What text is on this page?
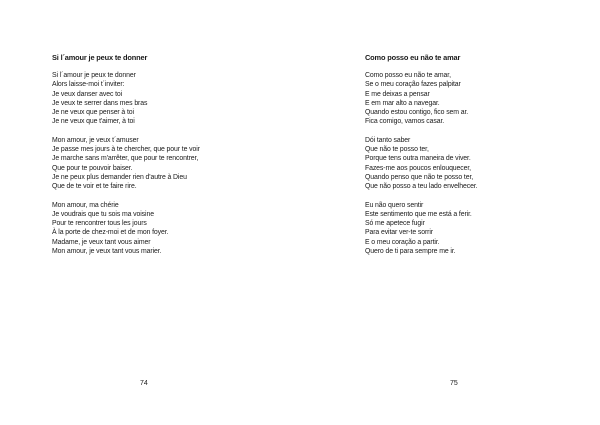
Si l´amour je peux te donner
Si l´amour je peux te donner
Alors laisse-moi t´inviter:
Je veux danser avec toi
Je veux te serrer dans mes bras
Je ne veux que penser à toi
Je ne veux que t'aimer, à toi
Mon amour, je veux t´amuser
Je passe mes jours à te chercher, que pour te voir
Je marche sans m'arrêter, que pour te rencontrer,
Que pour te pouvoir baiser.
Je ne peux plus demander rien d'autre à Dieu
Que de te voir et te faire rire.
Mon amour, ma chérie
Je voudrais que tu sois ma voisine
Pour te rencontrer tous les jours
À la porte de chez-moi et de mon foyer.
Madame, je veux tant vous aimer
Mon amour, je veux tant vous marier.
74
Como posso eu não te amar
Como posso eu não te amar,
Se o meu coração fazes palpitar
E me deixas a pensar
E em mar alto a navegar.
Quando estou contigo, fico sem ar.
Fica comigo, vamos casar.
Dói tanto saber
Que não te posso ter,
Porque tens outra maneira de viver.
Fazes-me aos poucos enlouquecer,
Quando penso que não te posso ter,
Que não posso a teu lado envelhecer.
Eu não quero sentir
Este sentimento que me está a ferir.
Só me apetece fugir
Para evitar ver-te sorrir
E o meu coração a partir.
Quero de ti para sempre me ir.
75
